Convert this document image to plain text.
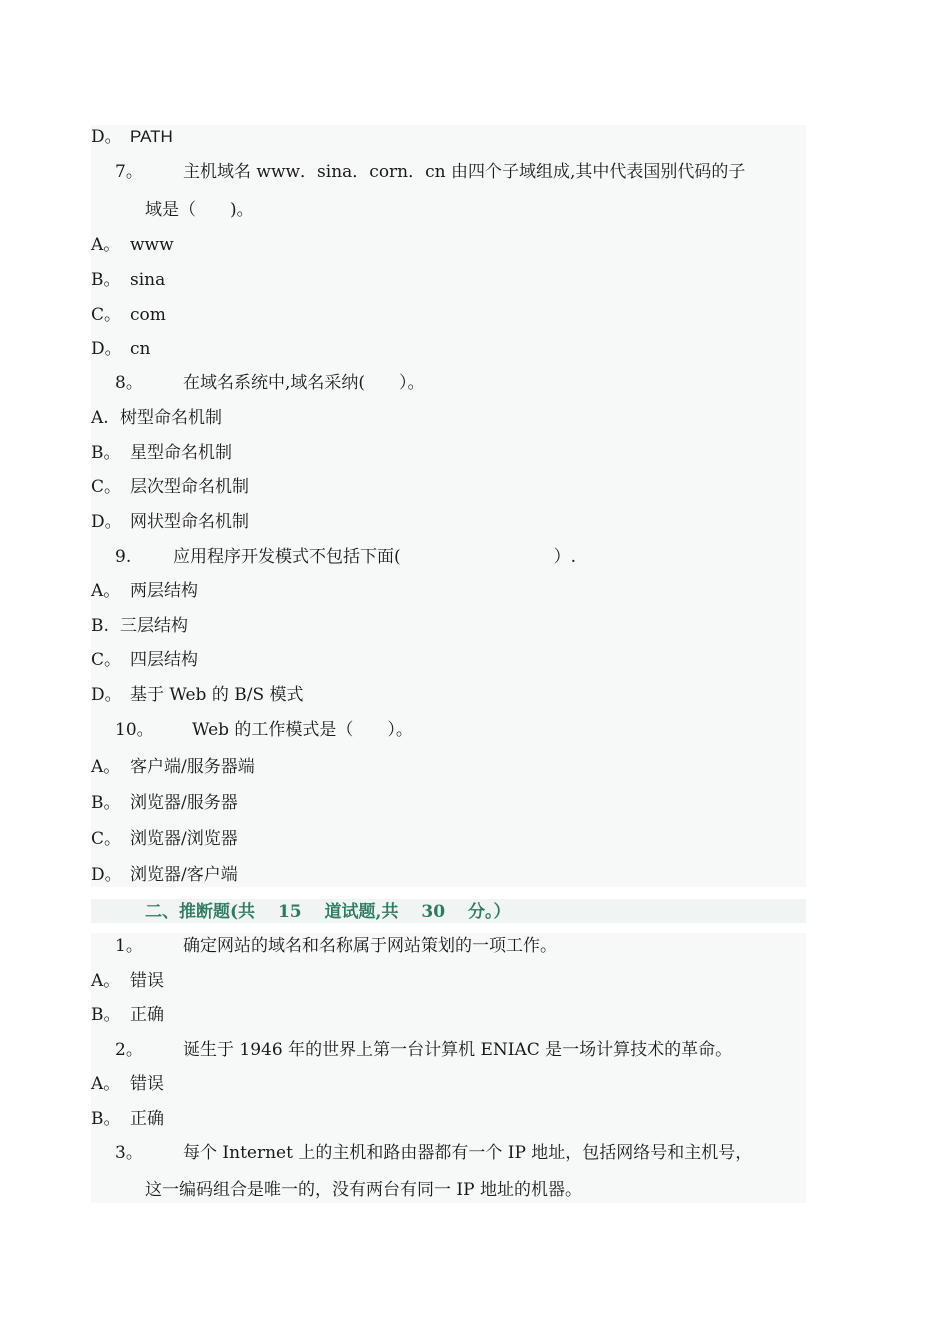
D。 PATH
7。 主机域名 www．sina．corn．cn 由四个子域组成,其中代表国别代码的子
域是（　　)。
A。 www
B。 sina
C。 com
D。 cn
8。 在域名系统中,域名采纳(　　）。
A. 树型命名机制
B。 星型命名机制
C。 层次型命名机制
D。 网状型命名机制
9. 应用程序开发模式不包括下面(　　　　　　　　　）.
A。 两层结构
B. 三层结构
C。 四层结构
D。 基于 Web 的 B/S 模式
10。 Web 的工作模式是（　　）。
A。 客户端/服务器端
B。 浏览器/服务器
C。 浏览器/浏览器
D。 浏览器/客户端
二、推断题(共　 15　 道试题,共　 30　 分。）
1。 确定网站的域名和名称属于网站策划的一项工作。
A。 错误
B。 正确
2。 诞生于 1946 年的世界上第一台计算机 ENIAC 是一场计算技术的革命。
A。 错误
B。 正确
3。 每个 Internet 上的主机和路由器都有一个 IP 地址，包括网络号和主机号，
这一编码组合是唯一的，没有两台有同一 IP 地址的机器。
